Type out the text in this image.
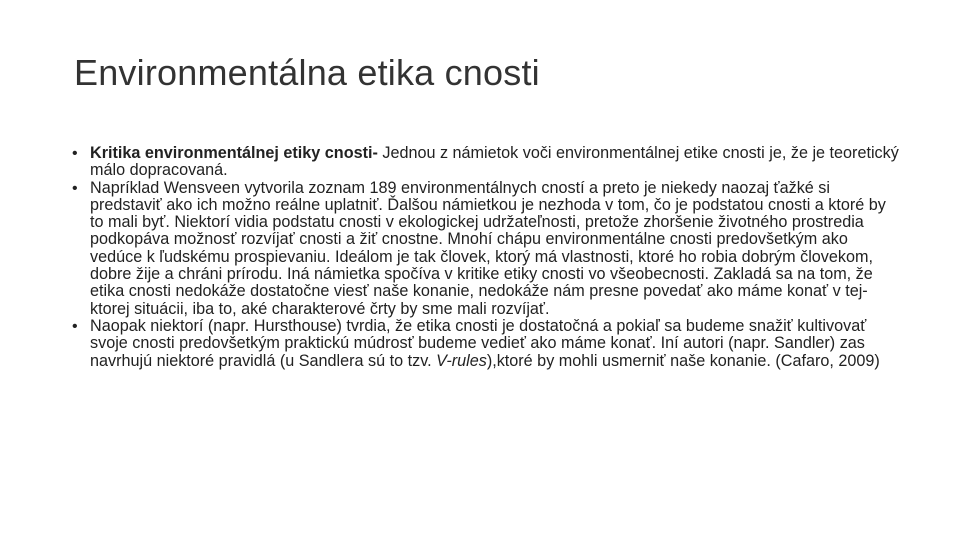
Environmentálna etika cnosti
• Kritika environmentálnej etiky cnosti- Jednou z námietok voči environmentálnej etike cnosti je, že je teoretický málo dopracovaná.
• Napríklad Wensveen vytvorila zoznam 189 environmentálnych cností a preto je niekedy naozaj ťažké si predstaviť ako ich možno reálne uplatniť. Ďalšou námietkou je nezhoda v tom, čo je podstatou cnosti a ktoré by to mali byť. Niektorí vidia podstatu cnosti v ekologickej udržateľnosti, pretože zhoršenie životného prostredia podkopáva možnosť rozvíjať cnosti a žiť cnostne. Mnohí chápu environmentálne cnosti predovšetkým ako vedúce k ľudskému prospievaniu. Ideálom je tak človek, ktorý má vlastnosti, ktoré ho robia dobrým človekom, dobre žije a chráni prírodu. Iná námietka spočíva v kritike etiky cnosti vo všeobecnosti. Zakladá sa na tom, že etika cnosti nedokáže dostatočne viesť naše konanie, nedokáže nám presne povedať ako máme konať v tej-ktorej situácii, iba to, aké charakterové črty by sme mali rozvíjať.
• Naopak niektorí (napr. Hursthouse) tvrdia, že etika cnosti je dostatočná a pokiaľ sa budeme snažiť kultivovať svoje cnosti predovšetkým praktickú múdrosť budeme vedieť ako máme konať. Iní autori (napr. Sandler) zas navrhujú niektoré pravidlá (u Sandlera sú to tzv. V-rules),ktoré by mohli usmerniť naše konanie. (Cafaro, 2009)
